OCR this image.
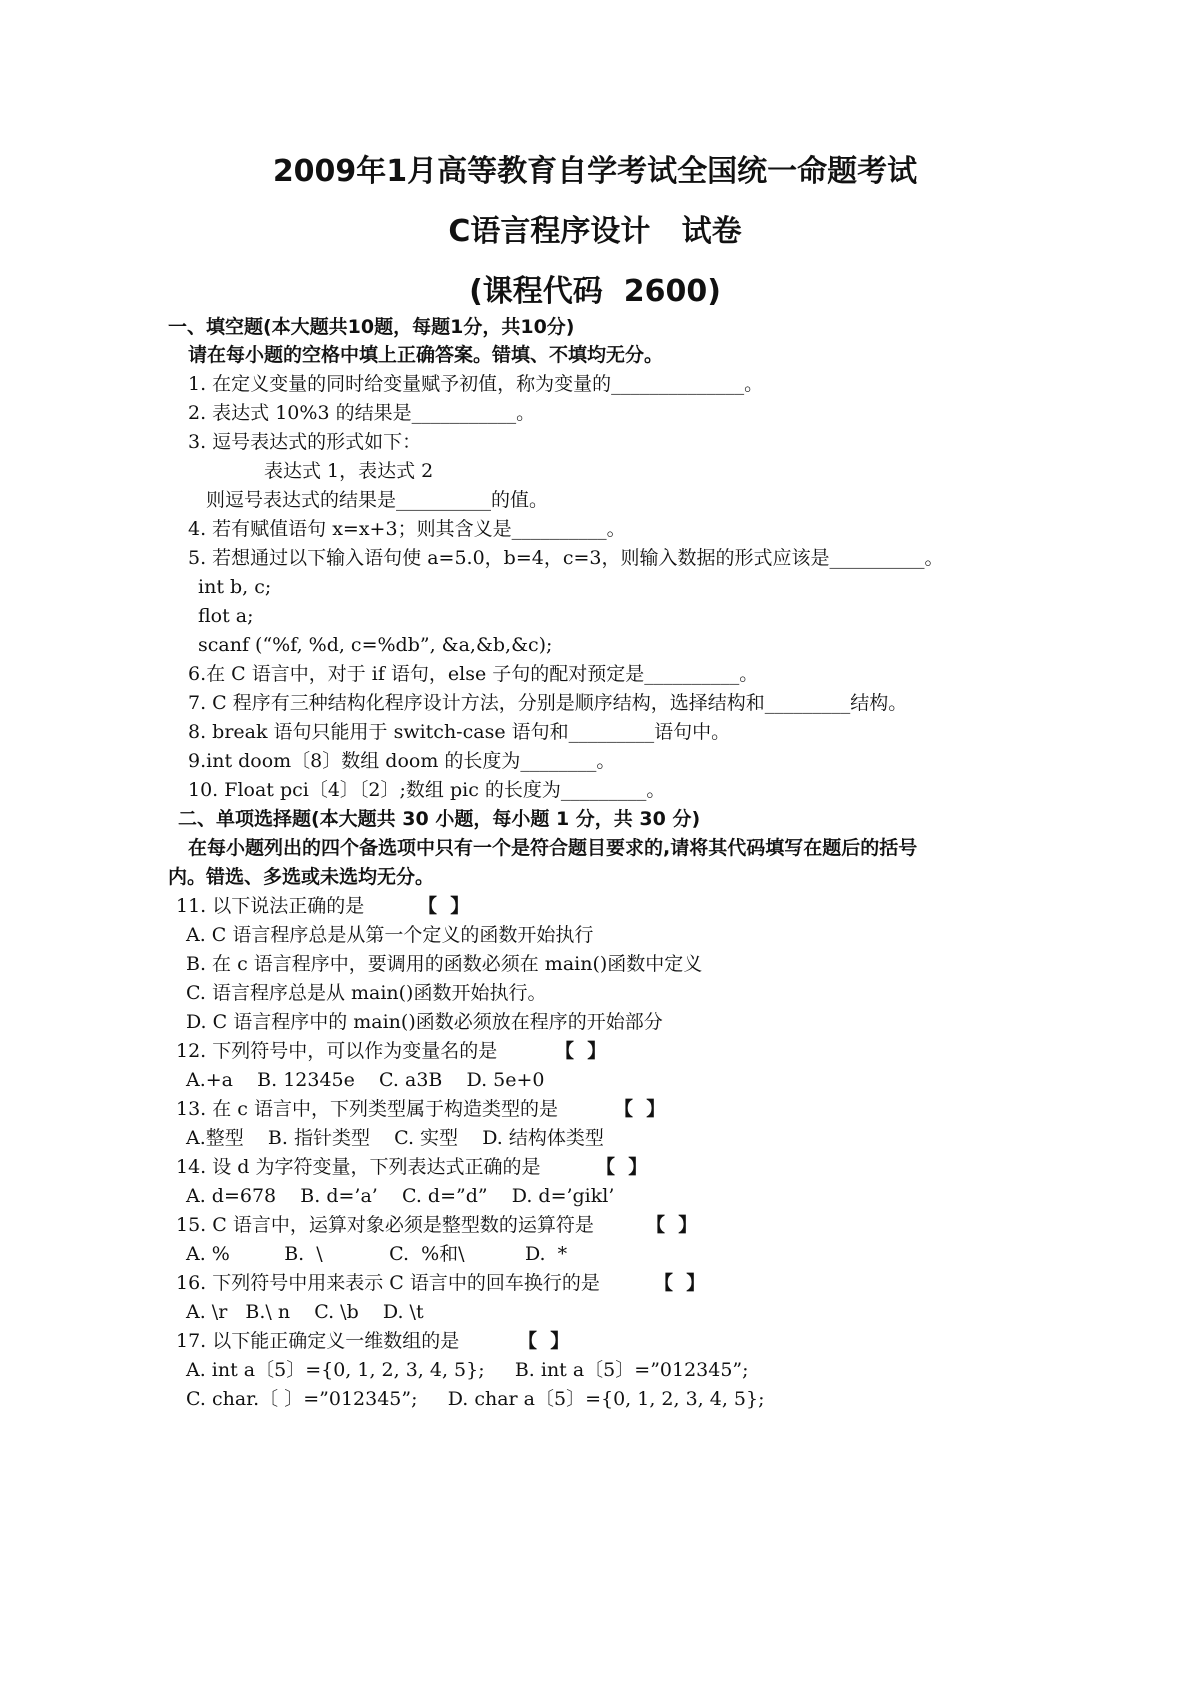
2009年1月高等教育自学考试全国统一命题考试
C语言程序设计   试卷
(课程代码  2600)
一、填空题(本大题共10题，每题1分，共10分)
请在每小题的空格中填上正确答案。错填、不填均无分。
1. 在定义变量的同时给变量赋予初值，称为变量的______________。
2. 表达式 10%3 的结果是___________。
3. 逗号表达式的形式如下：
表达式 1，表达式 2
则逗号表达式的结果是__________的值。
4. 若有赋值语句 x=x+3；则其含义是__________。
5. 若想通过以下输入语句使 a=5.0，b=4，c=3，则输入数据的形式应该是__________。
int b, c;
flot a;
scanf (“%f, %d, c=%db”, &a,&b,&c);
6.在 C 语言中，对于 if 语句，else 子句的配对预定是__________。
7. C 程序有三种结构化程序设计方法，分别是顺序结构，选择结构和_________结构。
8. break 语句只能用于 switch-case 语句和_________语句中。
9.int doom〔8〕数组 doom 的长度为________。
10. Float pci〔4〕〔2〕;数组 pic 的长度为_________。
二、单项选择题(本大题共 30 小题，每小题 1 分，共 30 分)
在每小题列出的四个备选项中只有一个是符合题目要求的,请将其代码填写在题后的括号
内。错选、多选或未选均无分。
11. 以下说法正确的是	【  】
A. C 语言程序总是从第一个定义的函数开始执行
B. 在 c 语言程序中，要调用的函数必须在 main()函数中定义
C. 语言程序总是从 main()函数开始执行。
D. C 语言程序中的 main()函数必须放在程序的开始部分
12. 下列符号中，可以作为变量名的是	【  】
A.+a    B. 12345e    C. a3B    D. 5e+0
13. 在 c 语言中，下列类型属于构造类型的是	【  】
A.整型    B. 指针类型    C. 实型    D. 结构体类型
14. 设 d 为字符变量，下列表达式正确的是	【  】
A. d=678    B. d=’a’    C. d=”d”    D. d=’gikl’
15. C 语言中，运算对象必须是整型数的运算符是	【  】
A. %         B.  \           C.  %和\          D.  *
16. 下列符号中用来表示 C 语言中的回车换行的是	【  】
A. \r   B.\ n    C. \b    D. \t
17. 以下能正确定义一维数组的是	【  】
A. int a〔5〕={0, 1, 2, 3, 4, 5};     B. int a〔5〕=”012345”;
C. char.〔 〕=”012345”;     D. char a〔5〕={0, 1, 2, 3, 4, 5};
